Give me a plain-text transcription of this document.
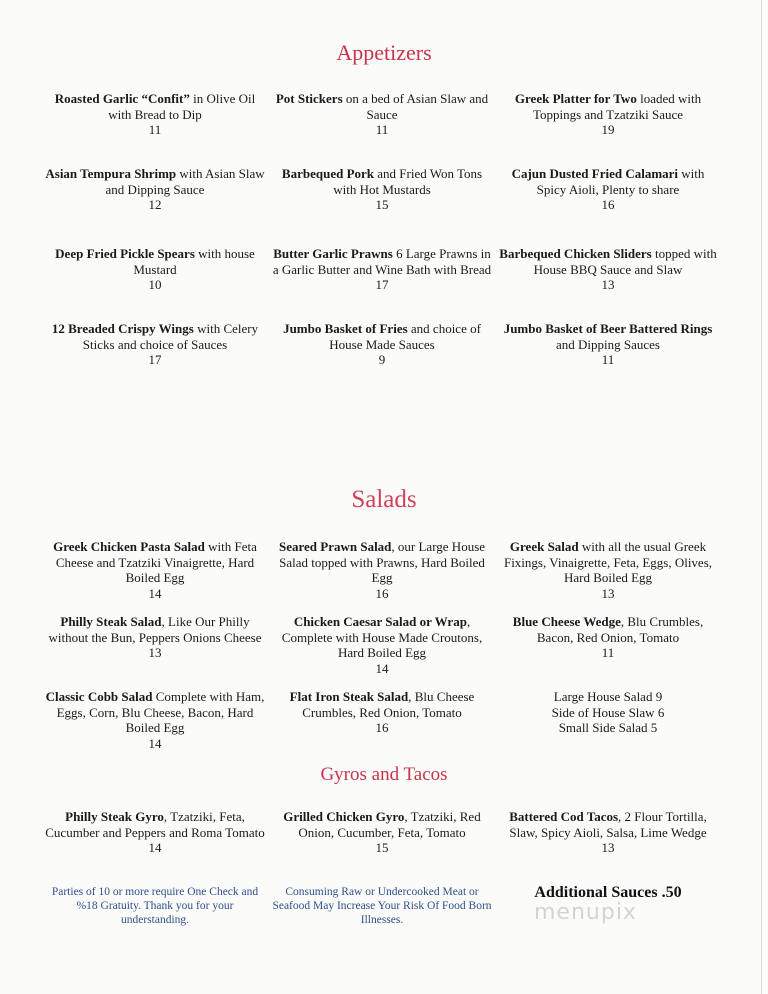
Appetizers
Roasted Garlic “Confit” in Olive Oil with Bread to Dip
11
Pot Stickers on a bed of Asian Slaw and Sauce
11
Greek Platter for Two loaded with Toppings and Tzatziki Sauce
19
Asian Tempura Shrimp with Asian Slaw and Dipping Sauce
12
Barbequed Pork and Fried Won Tons with Hot Mustards
15
Cajun Dusted Fried Calamari with Spicy Aioli, Plenty to share
16
Deep Fried Pickle Spears with house Mustard
10
Butter Garlic Prawns 6 Large Prawns in a Garlic Butter and Wine Bath with Bread
17
Barbequed Chicken Sliders topped with House BBQ Sauce and Slaw
13
12 Breaded Crispy Wings with Celery Sticks and choice of Sauces
17
Jumbo Basket of Fries and choice of House Made Sauces
9
Jumbo Basket of Beer Battered Rings and Dipping Sauces
11
Salads
Greek Chicken Pasta Salad with Feta Cheese and Tzatziki Vinaigrette, Hard Boiled Egg
14
Seared Prawn Salad, our Large House Salad topped with Prawns, Hard Boiled Egg
16
Greek Salad with all the usual Greek Fixings, Vinaigrette, Feta, Eggs, Olives, Hard Boiled Egg
13
Philly Steak Salad, Like Our Philly without the Bun, Peppers Onions Cheese
13
Chicken Caesar Salad or Wrap, Complete with House Made Croutons, Hard Boiled Egg
14
Blue Cheese Wedge, Blu Crumbles, Bacon, Red Onion, Tomato
11
Classic Cobb Salad Complete with Ham, Eggs, Corn, Blu Cheese, Bacon, Hard Boiled Egg
14
Flat Iron Steak Salad, Blu Cheese Crumbles, Red Onion, Tomato
16
Large House Salad 9
Side of House Slaw 6
Small Side Salad 5
Gyros and Tacos
Philly Steak Gyro, Tzatziki, Feta, Cucumber and Peppers and Roma Tomato
14
Grilled Chicken Gyro, Tzatziki, Red Onion, Cucumber, Feta, Tomato
15
Battered Cod Tacos, 2 Flour Tortilla, Slaw, Spicy Aioli, Salsa, Lime Wedge
13
Parties of 10 or more require One Check and %18 Gratuity. Thank you for your understanding.
Consuming Raw or Undercooked Meat or Seafood May Increase Your Risk Of Food Born Illnesses.
Additional Sauces .50
menupix
